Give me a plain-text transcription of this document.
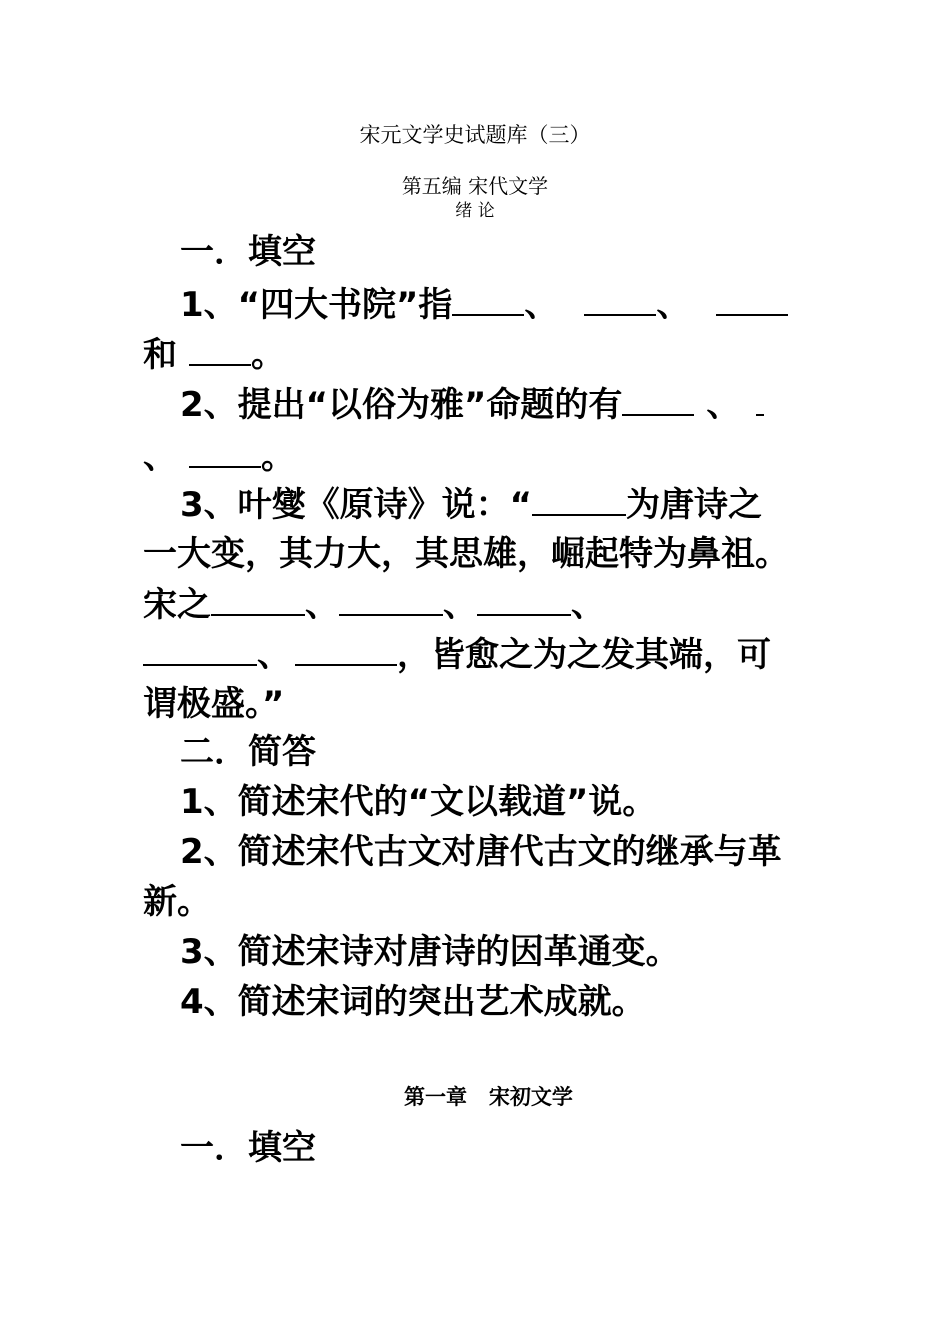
宋元文学史试题库（三）
第五编 宋代文学
绪 论
一．填空
1、“四大书院”指 、	、
和 。
2、提出“以俗为雅”命题的有 、
、 。
3、叶燮《原诗》说：“	为唐诗之
一大变，其力大，其思雄，崛起特为鼻祖。
宋之	、	、	、
、	，皆愈之为之发其端，可
谓极盛。”
二．简答
1、简述宋代的“文以载道”说。
2、简述宋代古文对唐代古文的继承与革
新。
3、简述宋诗对唐诗的因革通变。
4、简述宋词的突出艺术成就。
第一章   宋初文学
一．填空
